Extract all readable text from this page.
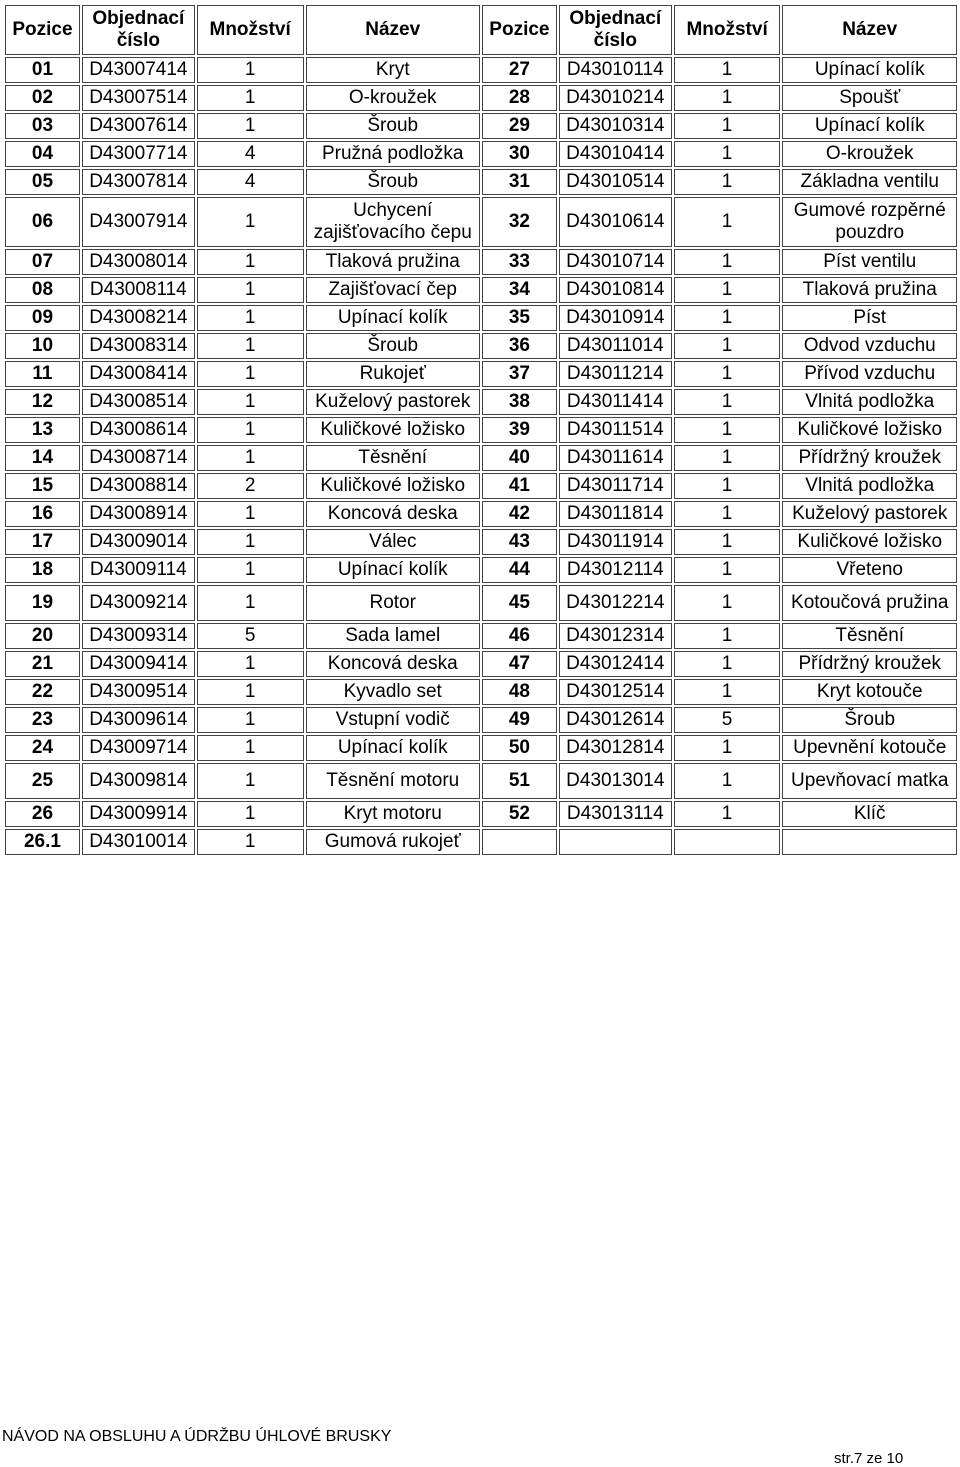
Pozice	Objednací číslo	Množství	Název	Pozice	Objednací číslo	Množství	Název
01	D43007414	1	Kryt	27	D43010114	1	Upínací kolík
02	D43007514	1	O-kroužek	28	D43010214	1	Spoušť
03	D43007614	1	Šroub	29	D43010314	1	Upínací kolík
04	D43007714	4	Pružná podložka	30	D43010414	1	O-kroužek
05	D43007814	4	Šroub	31	D43010514	1	Základna ventilu
06	D43007914	1	Uchycení zajišťovacího čepu	32	D43010614	1	Gumové rozpěrné pouzdro
07	D43008014	1	Tlaková pružina	33	D43010714	1	Píst ventilu
08	D43008114	1	Zajišťovací čep	34	D43010814	1	Tlaková pružina
09	D43008214	1	Upínací kolík	35	D43010914	1	Píst
10	D43008314	1	Šroub	36	D43011014	1	Odvod vzduchu
11	D43008414	1	Rukojeť	37	D43011214	1	Přívod vzduchu
12	D43008514	1	Kuželový pastorek	38	D43011414	1	Vlnitá podložka
13	D43008614	1	Kuličkové ložisko	39	D43011514	1	Kuličkové ložisko
14	D43008714	1	Těsnění	40	D43011614	1	Přídržný kroužek
15	D43008814	2	Kuličkové ložisko	41	D43011714	1	Vlnitá podložka
16	D43008914	1	Koncová deska	42	D43011814	1	Kuželový pastorek
17	D43009014	1	Válec	43	D43011914	1	Kuličkové ložisko
18	D43009114	1	Upínací kolík	44	D43012114	1	Vřeteno
19	D43009214	1	Rotor	45	D43012214	1	Kotoučová pružina
20	D43009314	5	Sada lamel	46	D43012314	1	Těsnění
21	D43009414	1	Koncová deska	47	D43012414	1	Přídržný kroužek
22	D43009514	1	Kyvadlo set	48	D43012514	1	Kryt kotouče
23	D43009614	1	Vstupní vodič	49	D43012614	5	Šroub
24	D43009714	1	Upínací kolík	50	D43012814	1	Upevnění kotouče
25	D43009814	1	Těsnění motoru	51	D43013014	1	Upevňovací matka
26	D43009914	1	Kryt motoru	52	D43013114	1	Klíč
26.1	D43010014	1	Gumová rukojeť				
NÁVOD NA OBSLUHU A ÚDRŽBU ÚHLOVÉ BRUSKY
str.7 ze 10
